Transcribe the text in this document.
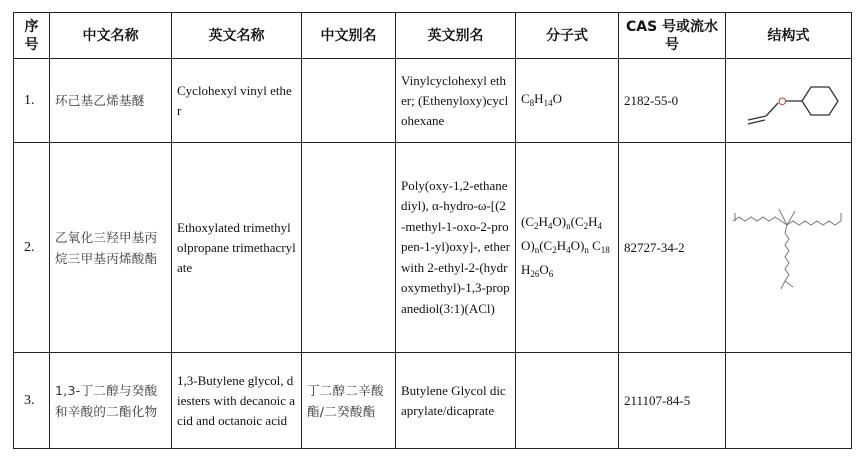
序号	中文名称	英文名称	中文别名	英文别名	分子式	CAS 号或流水号	结构式
1.	环己基乙烯基醚	Cyclohexyl vinyl ether		Vinylcyclohexyl ether; (Ethenyloxy)cyclohexane	$C_8H_{14}O$	2182-55-0	O

2.	乙氧化三羟甲基丙烷三甲基丙烯酸酯	Ethoxylated trimethylolpropane trimethacrylate		Poly(oxy-1,2-ethanediyl), α-hydro-ω-[(2-methyl-1-oxo-2-propen-1-yl)oxy]-, ether with 2-ethyl-2-(hydroxymethyl)-1,3-propanediol(3:1)(ACl)	$(C_2H_4O)_n(C_2H_4O)_n(C_2H_4O)_n$ $C_{18}H_{26}O_6$	82727-34-2	

3.	1,3-丁二醇与癸酸和辛酸的二酯化物	1,3-Butylene glycol, diesters with decanoic acid and octanoic acid	丁二醇二辛酸酯/二癸酸酯	Butylene Glycol dicaprylate/dicaprate		211107-84-5	
